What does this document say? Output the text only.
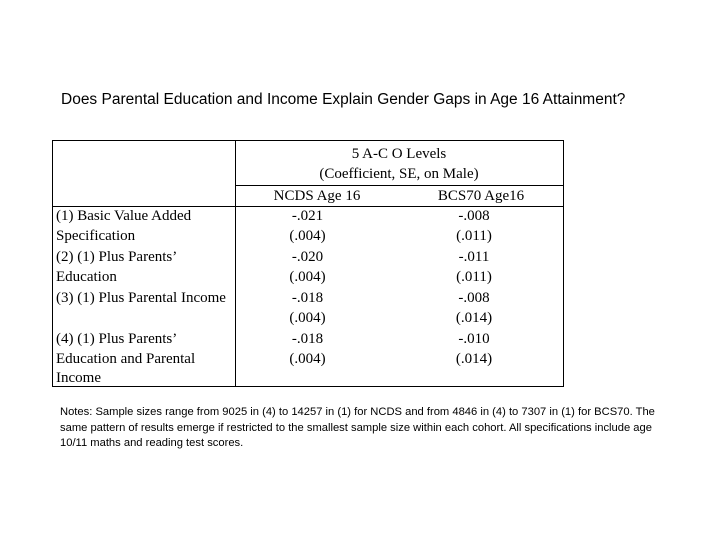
Does Parental Education and Income Explain Gender Gaps in Age 16 Attainment?
5 A-C O Levels
(Coefficient, SE, on Male)
NCDS Age 16	BCS70 Age16
(1) Basic Value Added
Specification
(2) (1) Plus Parents’
Education
(3) (1) Plus Parental Income
(4) (1) Plus Parents’
Education and Parental
Income
-.021
(.004)
-.020
(.004)
-.018
(.004)
-.018
(.004)
-.008
(.011)
-.011
(.011)
-.008
(.014)
-.010
(.014)
Notes: Sample sizes range from 9025 in (4) to 14257 in (1) for NCDS and from 4846 in (4) to 7307 in (1) for BCS70. The same pattern of results emerge if restricted to the smallest sample size within each cohort. All specifications include age 10/11 maths and reading test scores.
